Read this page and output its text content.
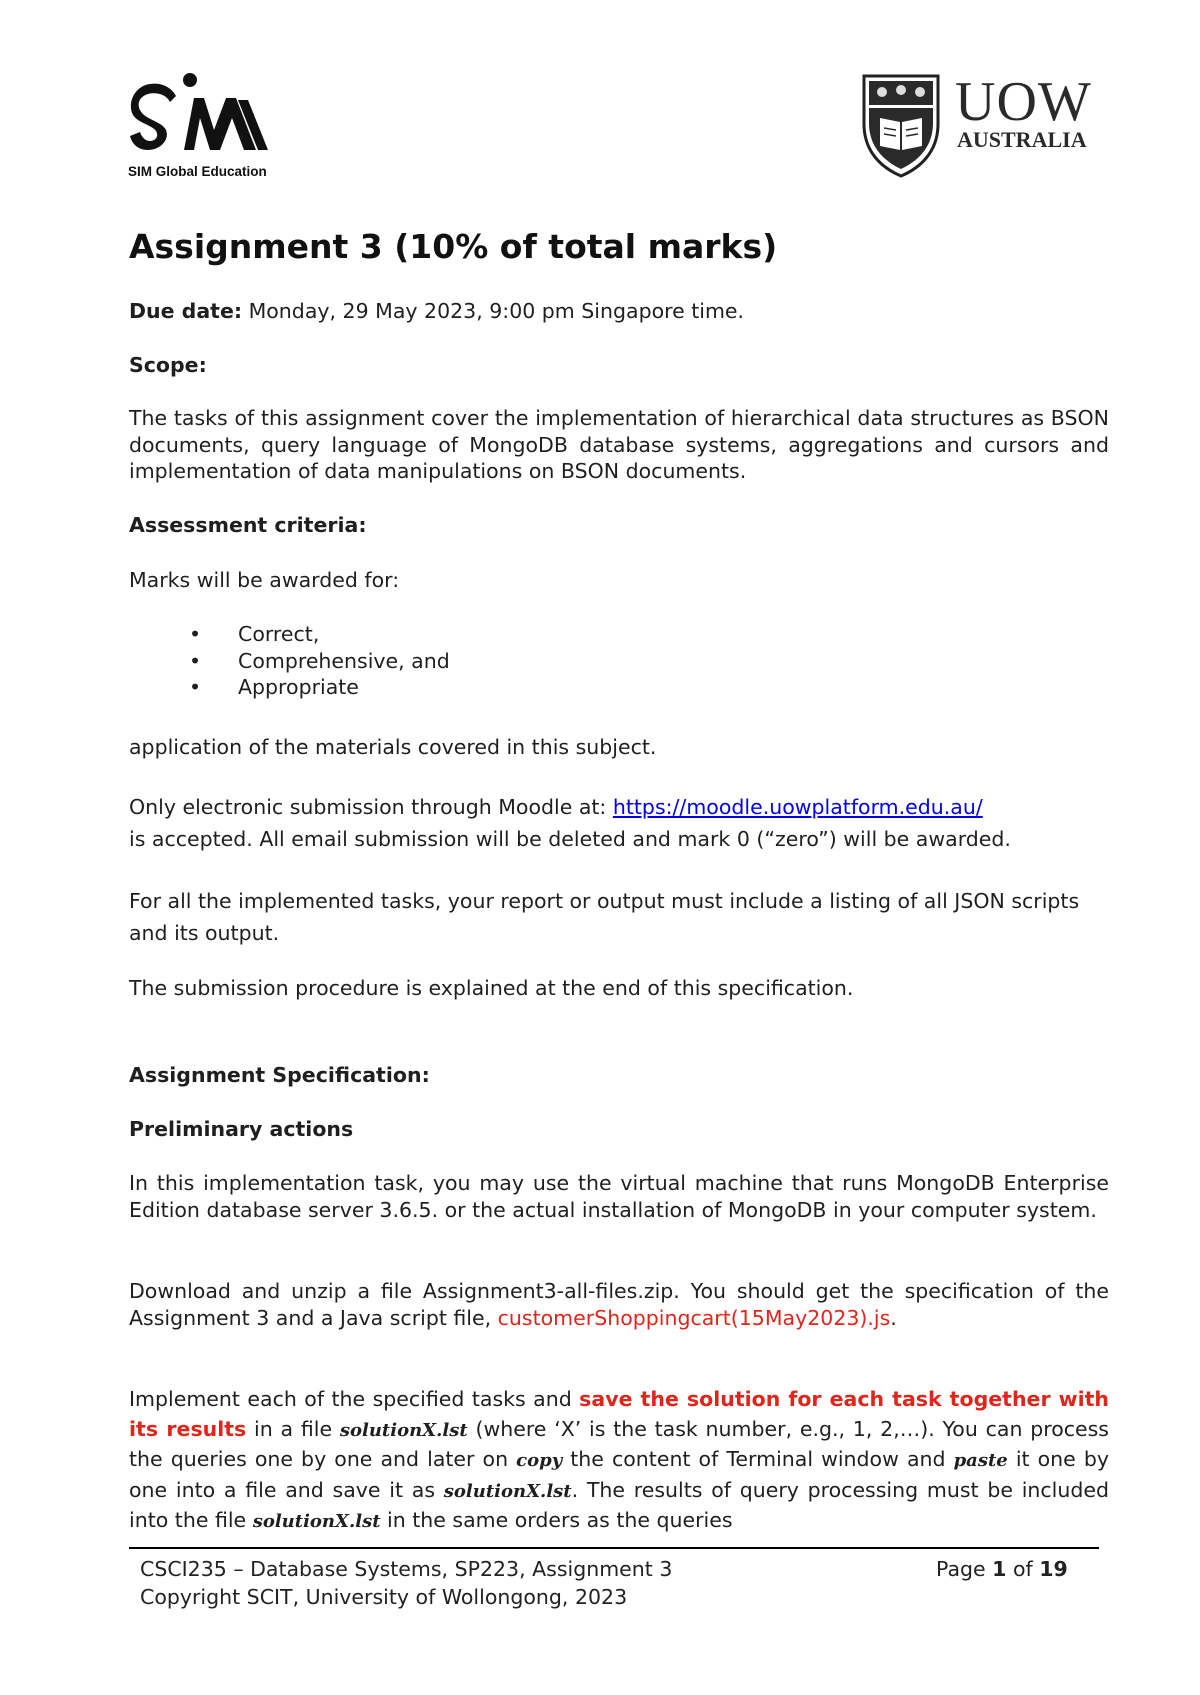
SIM Global Education
UOW
AUSTRALIA
Assignment 3 (10% of total marks)

Due date: Monday, 29 May 2023, 9:00 pm Singapore time.

Scope:

The tasks of this assignment cover the implementation of hierarchical data structures as BSON documents, query language of MongoDB database systems, aggregations and cursors and implementation of data manipulations on BSON documents.

Assessment criteria:

Marks will be awarded for:

• Correct,
• Comprehensive, and
• Appropriate

application of the materials covered in this subject.

Only electronic submission through Moodle at: https://moodle.uowplatform.edu.au/
is accepted. All email submission will be deleted and mark 0 (“zero”) will be awarded.

For all the implemented tasks, your report or output must include a listing of all JSON scripts and its output.

The submission procedure is explained at the end of this specification.

Assignment Specification:

Preliminary actions

In this implementation task, you may use the virtual machine that runs MongoDB Enterprise Edition database server 3.6.5. or the actual installation of MongoDB in your computer system.

Download and unzip a file Assignment3-all-files.zip. You should get the specification of the Assignment 3 and a Java script file, customerShoppingcart(15May2023).js.

Implement each of the specified tasks and save the solution for each task together with its results in a file solutionX.lst (where ‘X’ is the task number, e.g., 1, 2,…). You can process the queries one by one and later on copy the content of Terminal window and paste it one by one into a file and save it as solutionX.lst. The results of query processing must be included into the file solutionX.lst in the same orders as the queries

CSCI235 – Database Systems, SP223, Assignment 3
Copyright SCIT, University of Wollongong, 2023
Page 1 of 19
